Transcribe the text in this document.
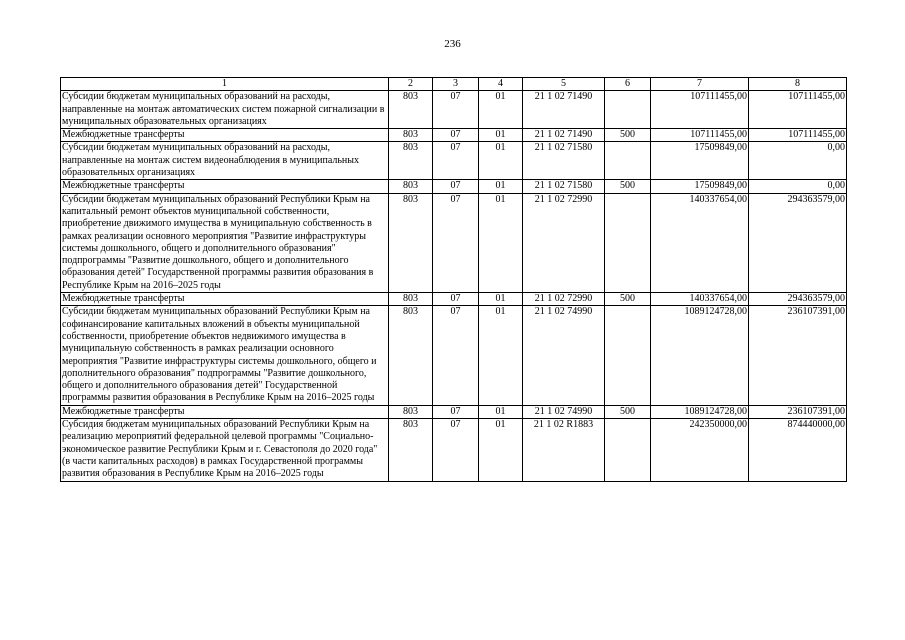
236
1	2	3	4	5	6	7	8
Субсидии бюджетам муниципальных образований на расходы, направленные на монтаж автоматических систем пожарной сигнализации в муниципальных образовательных организациях	803	07	01	21 1 02 71490		107111455,00	107111455,00
Межбюджетные трансферты	803	07	01	21 1 02 71490	500	107111455,00	107111455,00
Субсидии бюджетам муниципальных образований на расходы, направленные на монтаж систем видеонаблюдения в муниципальных образовательных организациях	803	07	01	21 1 02 71580		17509849,00	0,00
Межбюджетные трансферты	803	07	01	21 1 02 71580	500	17509849,00	0,00
Субсидии бюджетам муниципальных образований Республики Крым на капитальный ремонт объектов муниципальной собственности, приобретение движимого имущества в муниципальную собственность в рамках реализации основного мероприятия "Развитие инфраструктуры системы дошкольного, общего и дополнительного образования" подпрограммы "Развитие дошкольного, общего и дополнительного образования детей" Государственной программы развития образования в Республике Крым на 2016–2025 годы	803	07	01	21 1 02 72990		140337654,00	294363579,00
Межбюджетные трансферты	803	07	01	21 1 02 72990	500	140337654,00	294363579,00
Субсидии бюджетам муниципальных образований Республики Крым на софинансирование капитальных вложений в объекты муниципальной собственности, приобретение объектов недвижимого имущества в муниципальную собственность в рамках реализации основного мероприятия "Развитие инфраструктуры системы дошкольного, общего и дополнительного образования" подпрограммы "Развитие дошкольного, общего и дополнительного образования детей" Государственной программы развития образования в Республике Крым на 2016–2025 годы	803	07	01	21 1 02 74990		1089124728,00	236107391,00
Межбюджетные трансферты	803	07	01	21 1 02 74990	500	1089124728,00	236107391,00
Субсидия бюджетам муниципальных образований Республики Крым на реализацию мероприятий федеральной целевой программы "Социально-экономическое развитие Республики Крым и г. Севастополя до 2020 года" (в части капитальных расходов) в рамках Государственной программы развития образования в Республике Крым на 2016–2025 годы	803	07	01	21 1 02 R1883		242350000,00	874440000,00
